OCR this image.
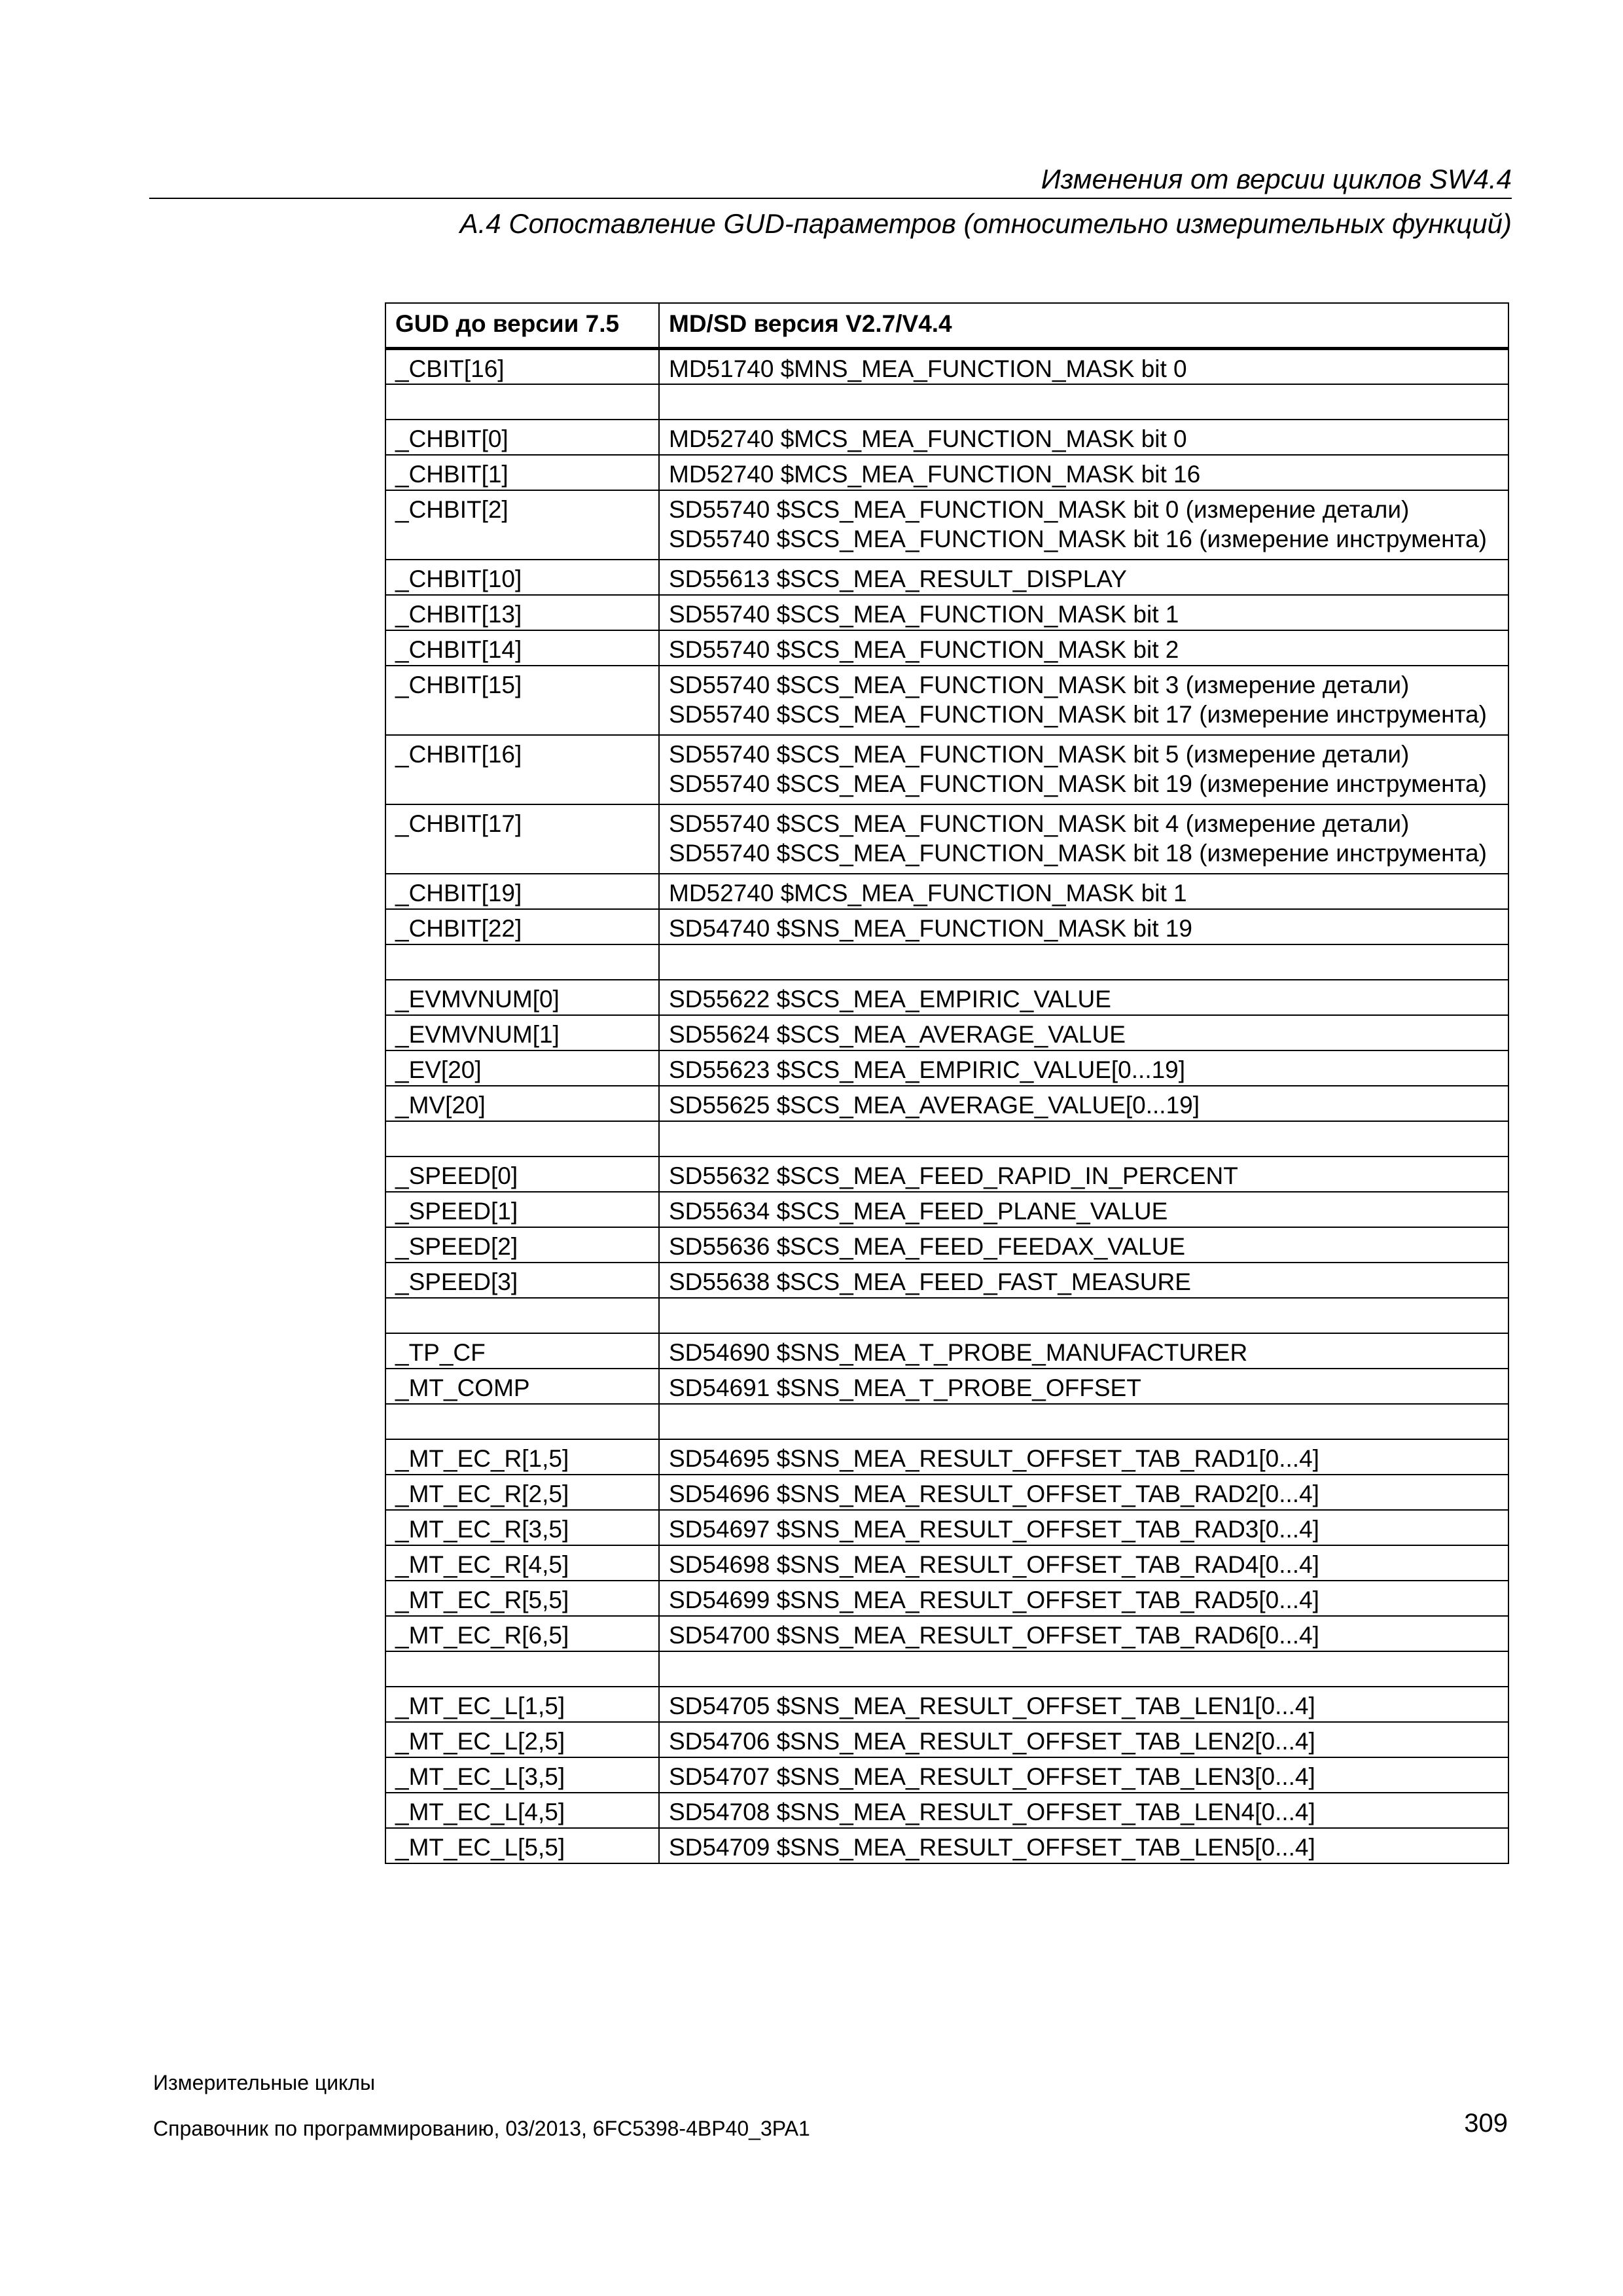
Изменения от версии циклов SW4.4
A.4 Сопоставление GUD-параметров (относительно измерительных функций)
GUD до версии 7.5	MD/SD версия V2.7/V4.4
_CBIT[16]	MD51740 $MNS_MEA_FUNCTION_MASK bit 0

_CHBIT[0]	MD52740 $MCS_MEA_FUNCTION_MASK bit 0

_CHBIT[1]	MD52740 $MCS_MEA_FUNCTION_MASK bit 16

_CHBIT[2]	SD55740 $SCS_MEA_FUNCTION_MASK bit 0 (измерение детали)
SD55740 $SCS_MEA_FUNCTION_MASK bit 16 (измерение инструмента)

_CHBIT[10]	SD55613 $SCS_MEA_RESULT_DISPLAY

_CHBIT[13]	SD55740 $SCS_MEA_FUNCTION_MASK bit 1

_CHBIT[14]	SD55740 $SCS_MEA_FUNCTION_MASK bit 2

_CHBIT[15]	SD55740 $SCS_MEA_FUNCTION_MASK bit 3 (измерение детали)
SD55740 $SCS_MEA_FUNCTION_MASK bit 17 (измерение инструмента)

_CHBIT[16]	SD55740 $SCS_MEA_FUNCTION_MASK bit 5 (измерение детали)
SD55740 $SCS_MEA_FUNCTION_MASK bit 19 (измерение инструмента)

_CHBIT[17]	SD55740 $SCS_MEA_FUNCTION_MASK bit 4 (измерение детали)
SD55740 $SCS_MEA_FUNCTION_MASK bit 18 (измерение инструмента)

_CHBIT[19]	MD52740 $MCS_MEA_FUNCTION_MASK bit 1

_CHBIT[22]	SD54740 $SNS_MEA_FUNCTION_MASK bit 19

_EVMVNUM[0]	SD55622 $SCS_MEA_EMPIRIC_VALUE

_EVMVNUM[1]	SD55624 $SCS_MEA_AVERAGE_VALUE

_EV[20]	SD55623 $SCS_MEA_EMPIRIC_VALUE[0...19]

_MV[20]	SD55625 $SCS_MEA_AVERAGE_VALUE[0...19]

_SPEED[0]	SD55632 $SCS_MEA_FEED_RAPID_IN_PERCENT

_SPEED[1]	SD55634 $SCS_MEA_FEED_PLANE_VALUE

_SPEED[2]	SD55636 $SCS_MEA_FEED_FEEDAX_VALUE

_SPEED[3]	SD55638 $SCS_MEA_FEED_FAST_MEASURE

_TP_CF	SD54690 $SNS_MEA_T_PROBE_MANUFACTURER

_MT_COMP	SD54691 $SNS_MEA_T_PROBE_OFFSET

_MT_EC_R[1,5]	SD54695 $SNS_MEA_RESULT_OFFSET_TAB_RAD1[0...4]

_MT_EC_R[2,5]	SD54696 $SNS_MEA_RESULT_OFFSET_TAB_RAD2[0...4]

_MT_EC_R[3,5]	SD54697 $SNS_MEA_RESULT_OFFSET_TAB_RAD3[0...4]

_MT_EC_R[4,5]	SD54698 $SNS_MEA_RESULT_OFFSET_TAB_RAD4[0...4]

_MT_EC_R[5,5]	SD54699 $SNS_MEA_RESULT_OFFSET_TAB_RAD5[0...4]

_MT_EC_R[6,5]	SD54700 $SNS_MEA_RESULT_OFFSET_TAB_RAD6[0...4]

_MT_EC_L[1,5]	SD54705 $SNS_MEA_RESULT_OFFSET_TAB_LEN1[0...4]

_MT_EC_L[2,5]	SD54706 $SNS_MEA_RESULT_OFFSET_TAB_LEN2[0...4]

_MT_EC_L[3,5]	SD54707 $SNS_MEA_RESULT_OFFSET_TAB_LEN3[0...4]

_MT_EC_L[4,5]	SD54708 $SNS_MEA_RESULT_OFFSET_TAB_LEN4[0...4]

_MT_EC_L[5,5]	SD54709 $SNS_MEA_RESULT_OFFSET_TAB_LEN5[0...4]
Измерительные циклы
Справочник по программированию, 03/2013, 6FC5398-4BP40_3PA1	309
